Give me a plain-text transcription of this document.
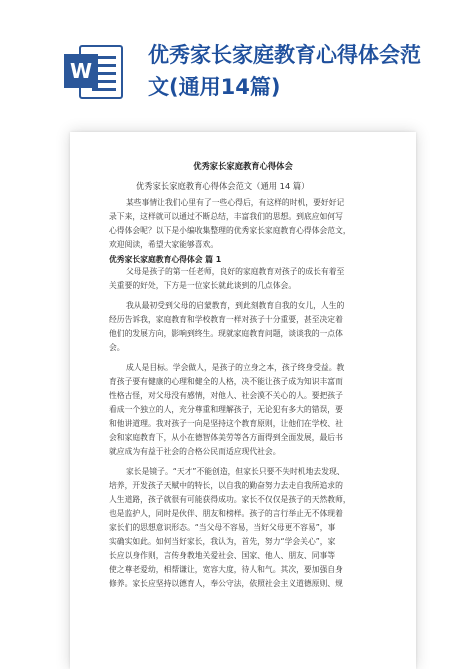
W
优秀家长家庭教育心得体会范
文(通用14篇)
优秀家长家庭教育心得体会
优秀家长家庭教育心得体会范文（通用 14 篇）
某些事情让我们心里有了一些心得后，有这样的时机，要好好记
录下来，这样就可以通过不断总结，丰富我们的思想。到底应如何写
心得体会呢？以下是小编收集整理的优秀家长家庭教育心得体会范文，
欢迎阅读，希望大家能够喜欢。
优秀家长家庭教育心得体会 篇 1
父母是孩子的第一任老师，良好的家庭教育对孩子的成长有着至
关重要的好处，下方是一位家长就此谈到的几点体会。
我从最初受到父母的启蒙教育，到此刻教育自我的女儿，人生的
经历告诉我，家庭教育和学校教育一样对孩子十分重要，甚至决定着
他们的发展方向，影响到终生。现就家庭教育问题，谈谈我的一点体
会。
成人是目标。学会做人，是孩子的立身之本，孩子终身受益。教
育孩子要有健康的心理和健全的人格，决不能让孩子成为知识丰富而
性格古怪，对父母没有感情，对他人、社会漠不关心的人。要把孩子
看成一个独立的人，充分尊重和理解孩子，无论犯有多大的错误，要
和他讲道理。我对孩子一向是坚持这个教育原则，让他们在学校、社
会和家庭教育下，从小在德智体美劳等各方面得到全面发展，最后书
就应成为有益于社会的合格公民而适应现代社会。
家长是镜子。“天才”不能创造，但家长只要不失时机地去发现、
培养，开发孩子天赋中的特长，以自我的勤奋努力去走自我所追求的
人生道路，孩子就很有可能获得成功。家长不仅仅是孩子的天然教师，
也是监护人，同时是伙伴、朋友和榜样。孩子的言行举止无不体现着
家长们的思想意识形态。“当父母不容易，当好父母更不容易”，事
实确实如此。如何当好家长，我认为，首先，努力“学会关心”，家
长应以身作则，言传身教地关爱社会、国家、他人、朋友、同事等
使之尊老爱幼，相帮谦让，宽容大度，待人和气。其次，要加强自身
修养。家长应坚持以德育人，奉公守法，依照社会主义道德原则、规
